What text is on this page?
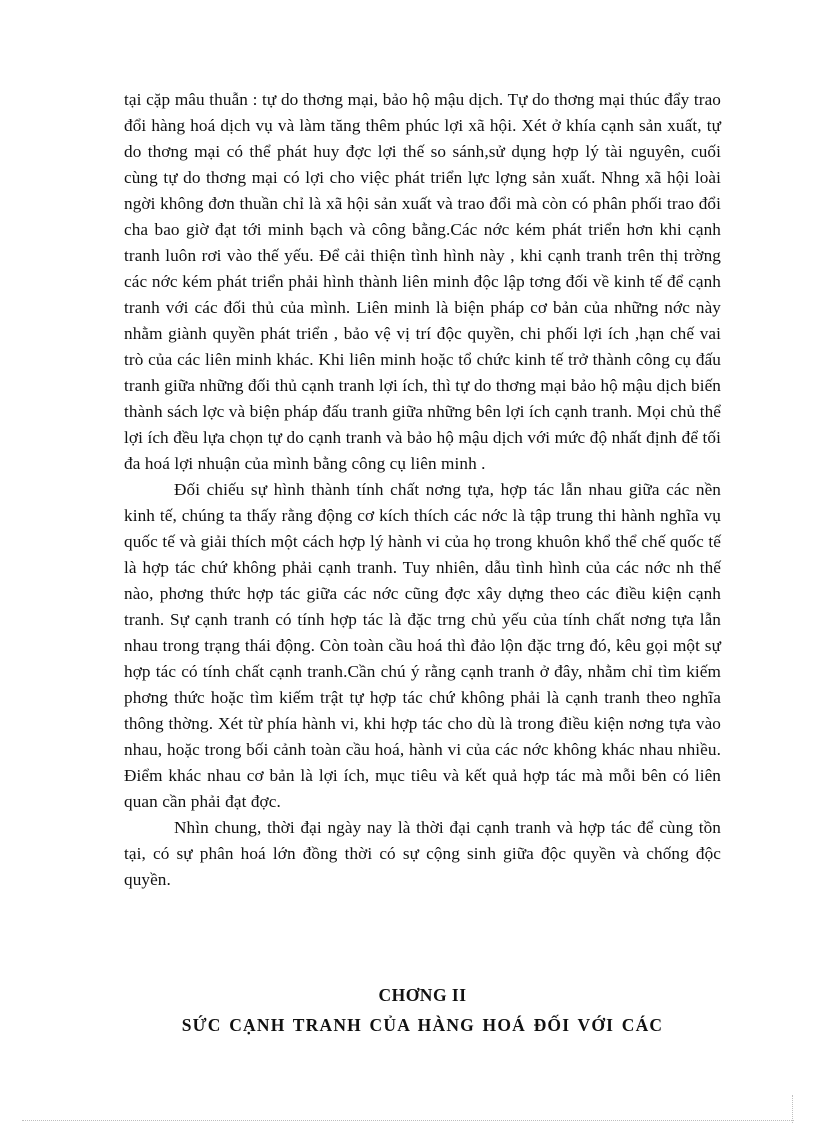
tại cặp mâu thuẫn : tự do thơng mại, bảo hộ mậu dịch. Tự do thơng mại thúc đẩy trao đổi hàng hoá dịch vụ và làm tăng thêm phúc lợi xã hội. Xét ở khía cạnh sản xuất, tự do thơng mại có thể phát huy đợc lợi thế so sánh,sử dụng hợp lý tài nguyên, cuối cùng tự do thơng mại có lợi cho việc phát triển lực lợng sản xuất. Nhng xã hội loài ngời không đơn thuần chỉ là xã hội sản xuất và trao đổi mà còn có phân phối trao đổi cha bao giờ đạt tới minh bạch và công bằng.Các nớc kém phát triển hơn khi cạnh tranh luôn rơi vào thế yếu. Để cải thiện tình hình này , khi cạnh tranh trên thị trờng các nớc kém phát triển phải hình thành liên minh độc lập tơng đối về kinh tế để cạnh tranh với các đối thủ của mình. Liên minh là biện pháp cơ bản của những nớc này nhằm giành quyền phát triển , bảo vệ vị trí độc quyền, chi phối lợi ích ,hạn chế vai trò của các liên minh khác. Khi liên minh hoặc tổ chức kinh tế trở thành công cụ đấu tranh giữa những đối thủ cạnh tranh lợi ích, thì tự do thơng mại bảo hộ mậu dịch biến thành sách lợc và biện pháp đấu tranh giữa những bên lợi ích cạnh tranh. Mọi chủ thể lợi ích đều lựa chọn tự do cạnh tranh và bảo hộ mậu dịch với mức độ nhất định để tối đa hoá lợi nhuận của mình bằng công cụ liên minh .

Đối chiếu sự hình thành tính chất nơng tựa, hợp tác lẫn nhau giữa các nền kinh tế, chúng ta thấy rằng động cơ kích thích các nớc là tập trung thi hành nghĩa vụ quốc tế và giải thích một cách hợp lý hành vi của họ trong khuôn khổ thể chế quốc tế là hợp tác chứ không phải cạnh tranh. Tuy nhiên, dẫu tình hình của các nớc nh thế nào, phơng thức hợp tác giữa các nớc cũng đợc xây dựng theo các điều kiện cạnh tranh. Sự cạnh tranh có tính hợp tác là đặc trng chủ yếu của tính chất nơng tựa lẫn nhau trong trạng thái động. Còn toàn cầu hoá thì đảo lộn đặc trng đó, kêu gọi một sự hợp tác có tính chất cạnh tranh.Cần chú ý rằng cạnh tranh ở đây, nhằm chỉ tìm kiếm phơng thức hoặc tìm kiếm trật tự hợp tác chứ không phải là cạnh tranh theo nghĩa thông thờng. Xét từ phía hành vi, khi hợp tác cho dù là trong điều kiện nơng tựa vào nhau, hoặc trong bối cảnh toàn cầu hoá, hành vi của các nớc không khác nhau nhiều. Điểm khác nhau cơ bản là lợi ích, mục tiêu và kết quả hợp tác mà mỗi bên có liên quan cần phải đạt đợc.

Nhìn chung, thời đại ngày nay là thời đại cạnh tranh và hợp tác để cùng tồn tại, có sự phân hoá lớn đồng thời có sự cộng sinh giữa độc quyền và chống độc quyền.

CHƠNG II
SỨC CẠNH TRANH CỦA HÀNG HOÁ ĐỐI VỚI CÁC
